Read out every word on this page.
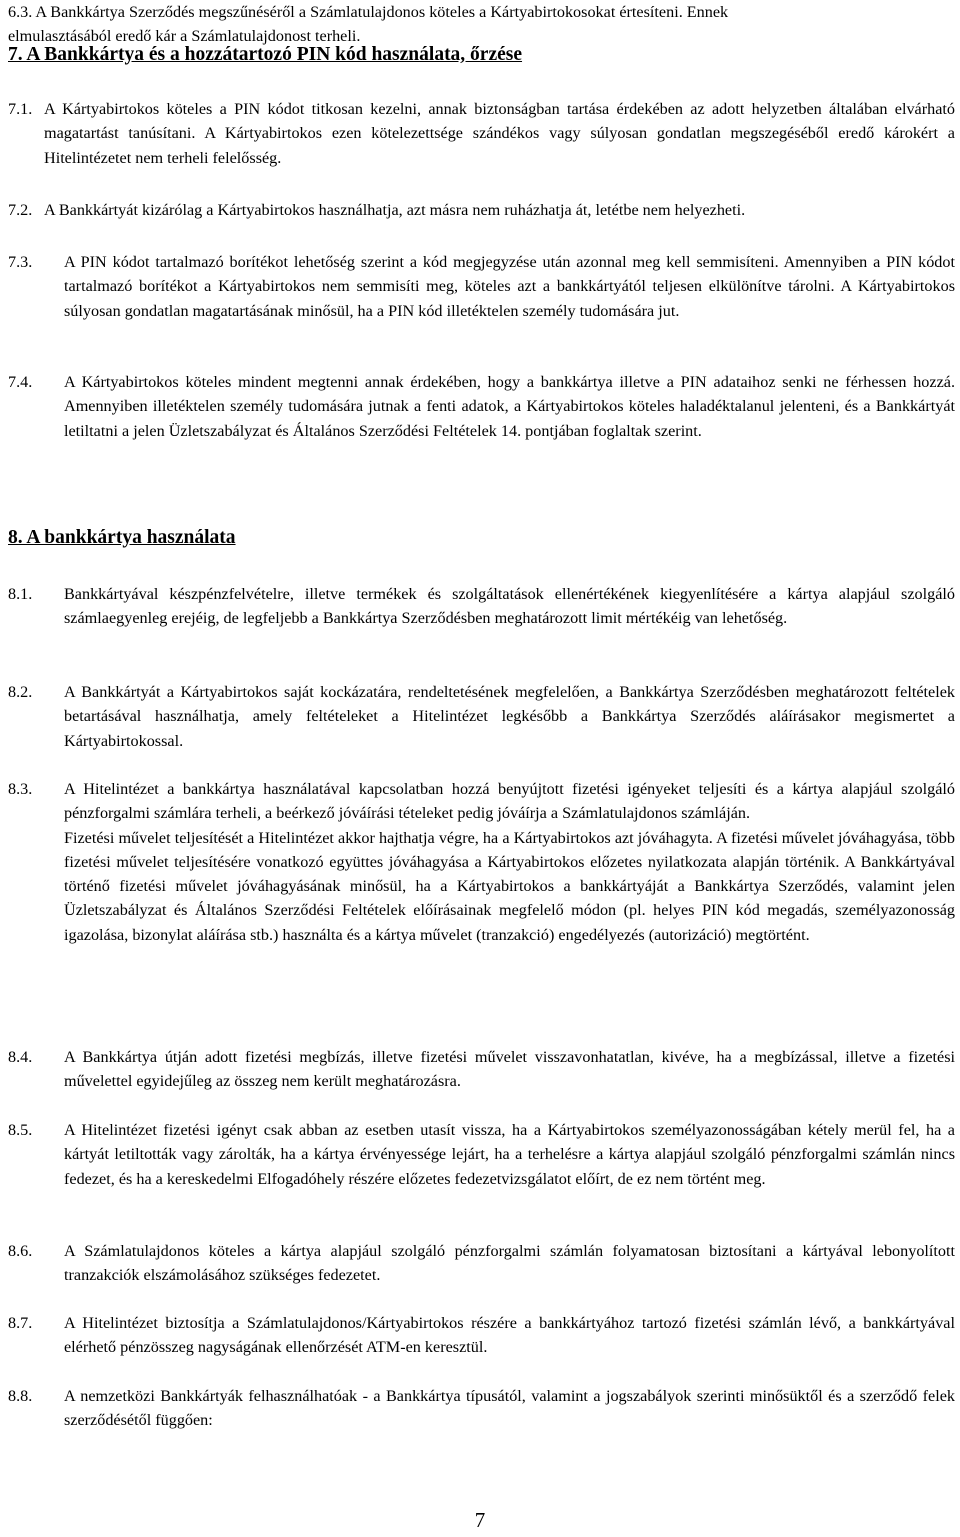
6.3. A Bankkártya Szerződés megszűnéséről a Számlatulajdonos köteles a Kártyabirtokosokat értesíteni. Ennek
elmulasztásából eredő kár a Számlatulajdonost terheli.
7. A Bankkártya és a hozzátartozó PIN kód használata, őrzése
7.1. A Kártyabirtokos köteles a PIN kódot titkosan kezelni, annak biztonságban tartása érdekében az adott helyzetben általában elvárható magatartást tanúsítani. A Kártyabirtokos ezen kötelezettsége szándékos vagy súlyosan gondatlan megszegéséből eredő károkért a Hitelintézetet nem terheli felelősség.
7.2. A Bankkártyát kizárólag a Kártyabirtokos használhatja, azt másra nem ruházhatja át, letétbe nem helyezheti.
7.3.	A PIN kódot tartalmazó borítékot lehetőség szerint a kód megjegyzése után azonnal meg kell semmisíteni. Amennyiben a PIN kódot tartalmazó borítékot a Kártyabirtokos nem semmisíti meg, köteles azt a bankkártyától teljesen elkülönítve tárolni. A Kártyabirtokos súlyosan gondatlan magatartásának minősül, ha a PIN kód illetéktelen személy tudomására jut.
7.4.	A Kártyabirtokos köteles mindent megtenni annak érdekében, hogy a bankkártya illetve a PIN adataihoz senki ne férhessen hozzá. Amennyiben illetéktelen személy tudomására jutnak a fenti adatok, a Kártyabirtokos köteles haladéktalanul jelenteni, és a Bankkártyát letiltatni a jelen Üzletszabályzat és Általános Szerződési Feltételek 14. pontjában foglaltak szerint.
8. A bankkártya használata
8.1.	Bankkártyával készpénzfelvételre, illetve termékek és szolgáltatások ellenértékének kiegyenlítésére a kártya alapjául szolgáló számlaegyenleg erejéig, de legfeljebb a Bankkártya Szerződésben meghatározott limit mértékéig van lehetőség.
8.2.	A Bankkártyát a Kártyabirtokos saját kockázatára, rendeltetésének megfelelően, a Bankkártya Szerződésben meghatározott feltételek betartásával használhatja, amely feltételeket a Hitelintézet legkésőbb a Bankkártya Szerződés aláírásakor megismertet a Kártyabirtokossal.
8.3.	A Hitelintézet a bankkártya használatával kapcsolatban hozzá benyújtott fizetési igényeket teljesíti és a kártya alapjául szolgáló pénzforgalmi számlára terheli, a beérkező jóváírási tételeket pedig jóváírja a Számlatulajdonos számláján.
Fizetési művelet teljesítését a Hitelintézet akkor hajthatja végre, ha a Kártyabirtokos azt jóváhagyta. A fizetési művelet jóváhagyása, több fizetési művelet teljesítésére vonatkozó együttes jóváhagyása a Kártyabirtokos előzetes nyilatkozata alapján történik. A Bankkártyával történő fizetési művelet jóváhagyásának minősül, ha a Kártyabirtokos a bankkártyáját a Bankkártya Szerződés, valamint jelen Üzletszabályzat és Általános Szerződési Feltételek előírásainak megfelelő módon (pl. helyes PIN kód megadás, személyazonosság igazolása, bizonylat aláírása stb.) használta és a kártya művelet (tranzakció) engedélyezés (autorizáció) megtörtént.
8.4.	A Bankkártya útján adott fizetési megbízás, illetve fizetési művelet visszavonhatatlan, kivéve, ha a megbízással, illetve a fizetési művelettel egyidejűleg az összeg nem került meghatározásra.
8.5.	A Hitelintézet fizetési igényt csak abban az esetben utasít vissza, ha a Kártyabirtokos személyazonosságában kétely merül fel, ha a kártyát letiltották vagy zárolták, ha a kártya érvényessége lejárt, ha a terhelésre a kártya alapjául szolgáló pénzforgalmi számlán nincs fedezet, és ha a kereskedelmi Elfogadóhely részére előzetes fedezetvizsgálatot előírt, de ez nem történt meg.
8.6.	A Számlatulajdonos köteles a kártya alapjául szolgáló pénzforgalmi számlán folyamatosan biztosítani a kártyával lebonyolított tranzakciók elszámolásához szükséges fedezetet.
8.7.	A Hitelintézet biztosítja a Számlatulajdonos/Kártyabirtokos részére a bankkártyához tartozó fizetési számlán lévő, a bankkártyával elérhető pénzösszeg nagyságának ellenőrzését ATM-en keresztül.
8.8.	A nemzetközi Bankkártyák felhasználhatóak - a Bankkártya típusától, valamint a jogszabályok szerinti minősüktől és a szerződő felek szerződésétől függően:
7
